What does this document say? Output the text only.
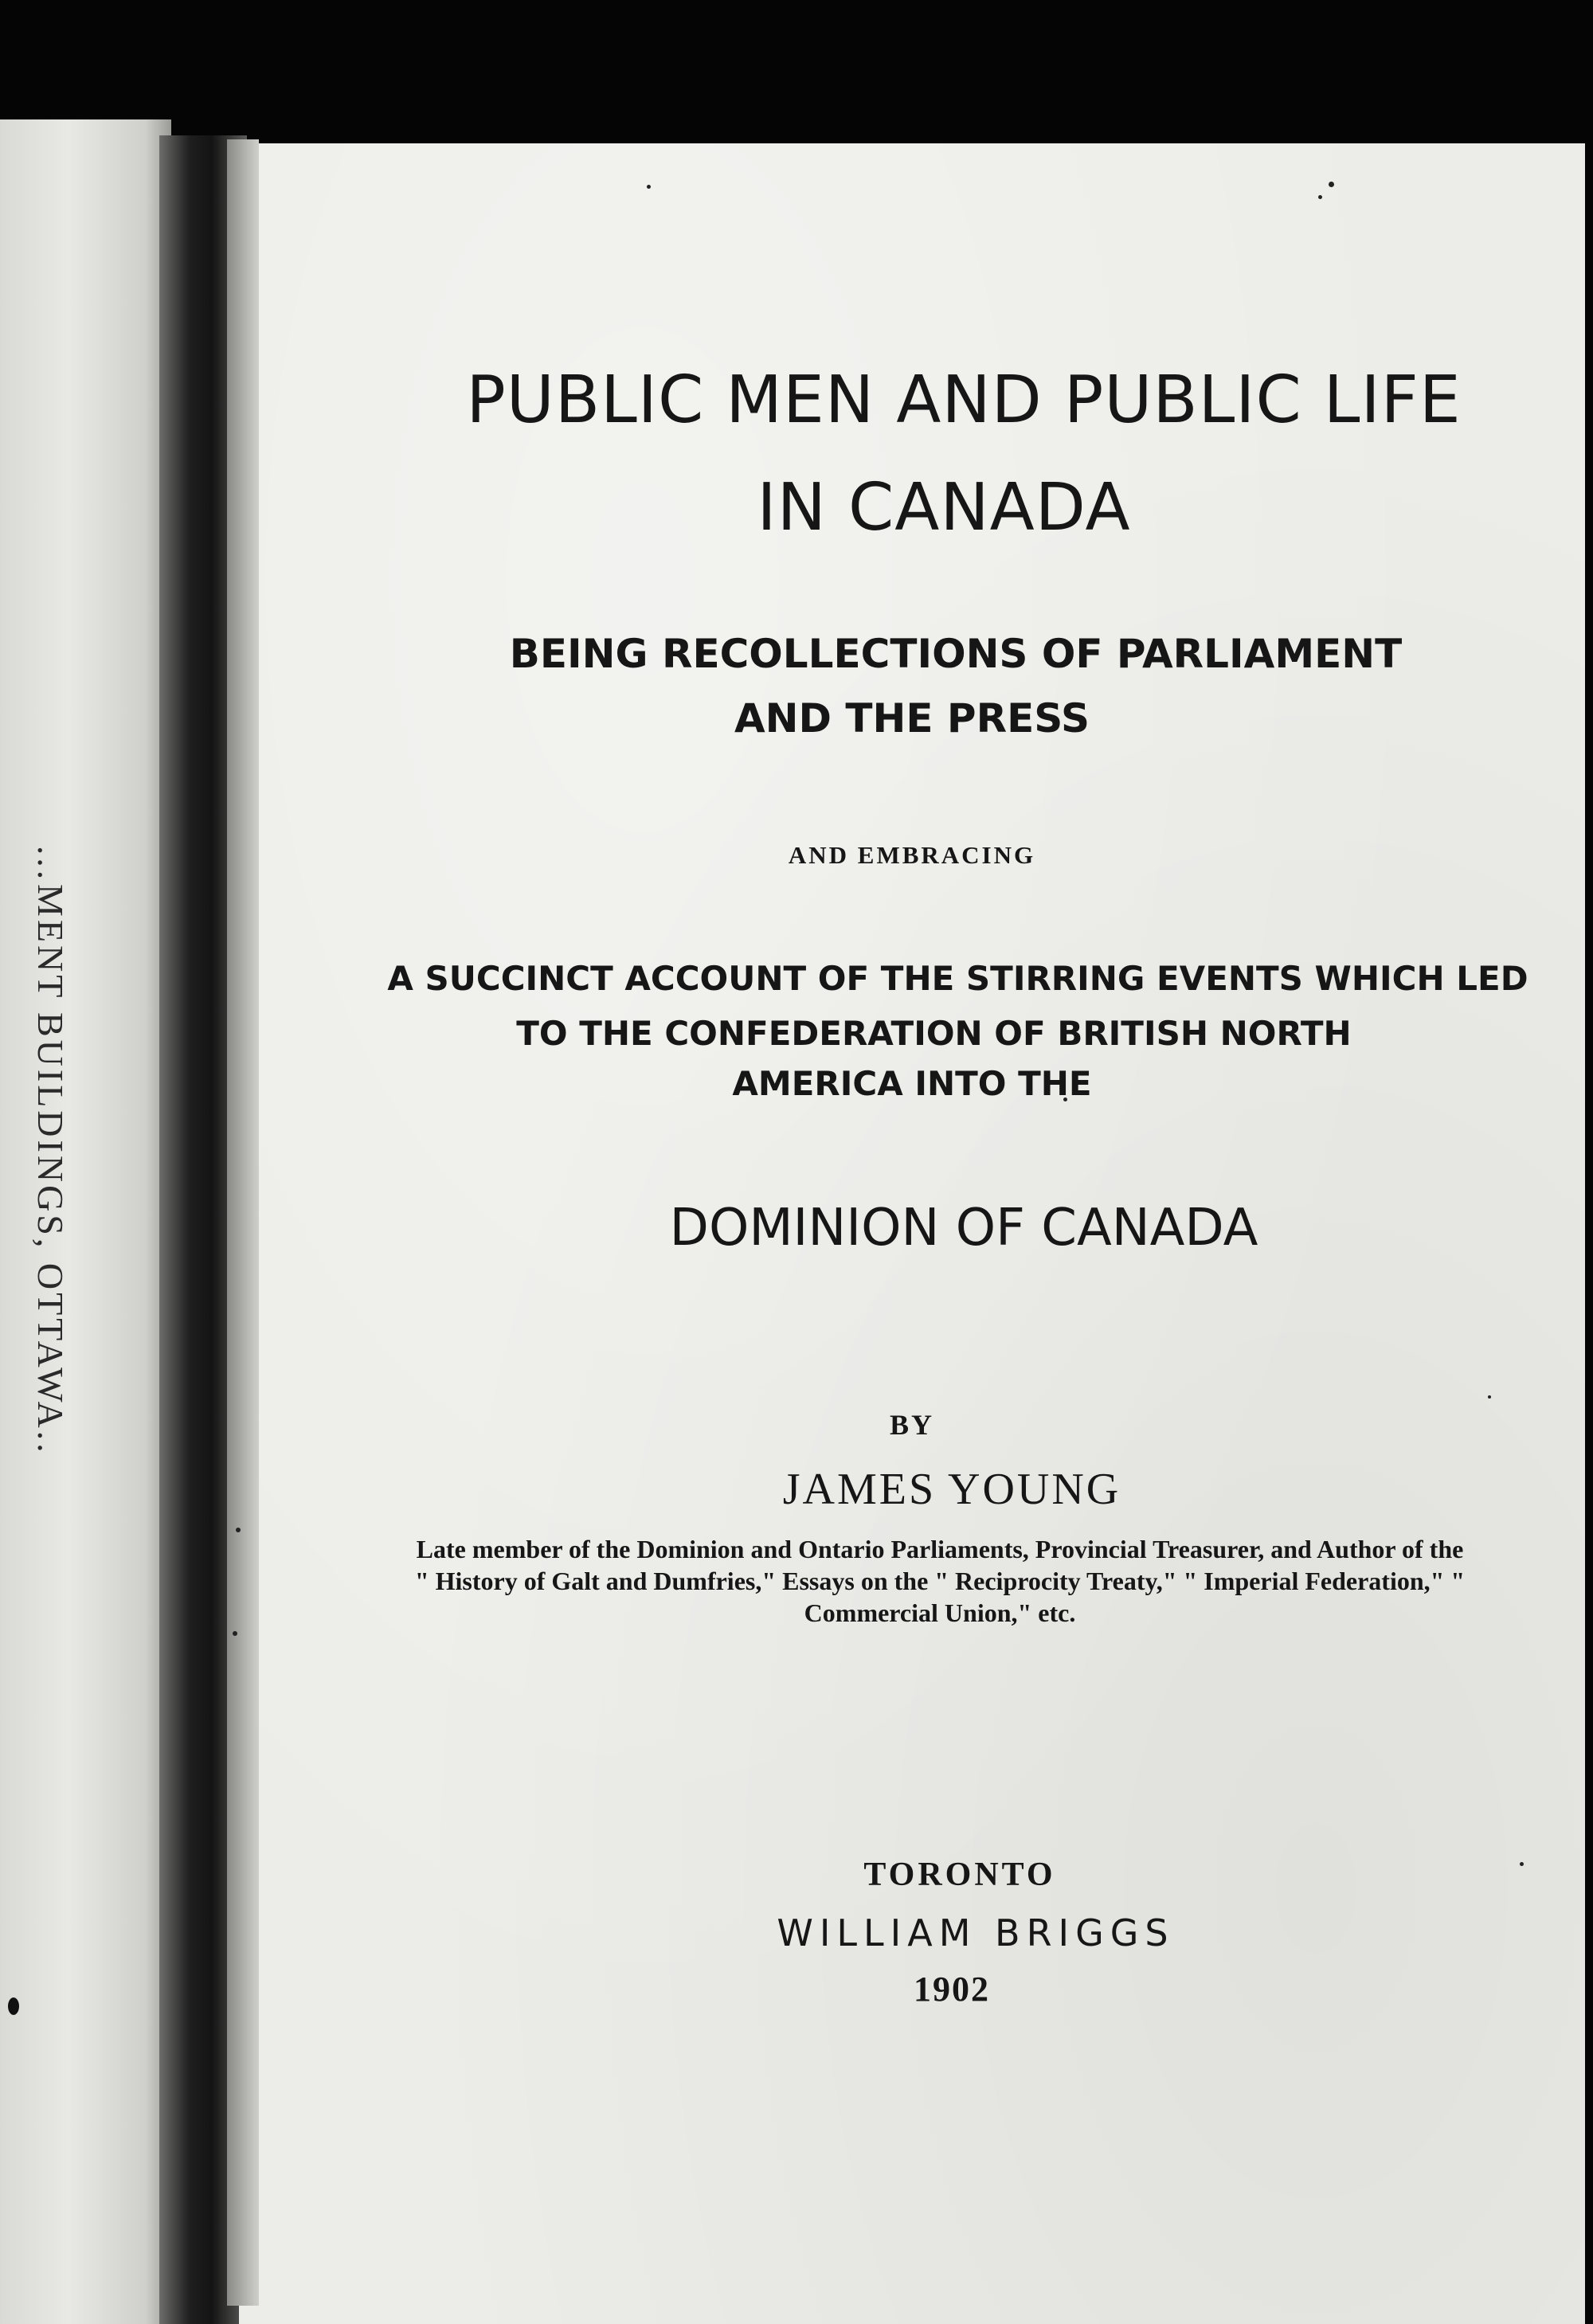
…MENT BUILDINGS, OTTAWA..
PUBLIC MEN AND PUBLIC LIFE
IN CANADA
BEING RECOLLECTIONS OF PARLIAMENT
AND THE PRESS
AND EMBRACING
A SUCCINCT ACCOUNT OF THE STIRRING EVENTS WHICH LED
TO THE CONFEDERATION OF BRITISH NORTH
AMERICA INTO THE
DOMINION OF CANADA
BY
JAMES YOUNG
Late member of the Dominion and Ontario Parliaments, Provincial Treasurer, and Author of the " History of Galt and Dumfries," Essays on the " Reciprocity Treaty," " Imperial Federation," " Commercial Union," etc.
TORONTO
WILLIAM BRIGGS
1902
